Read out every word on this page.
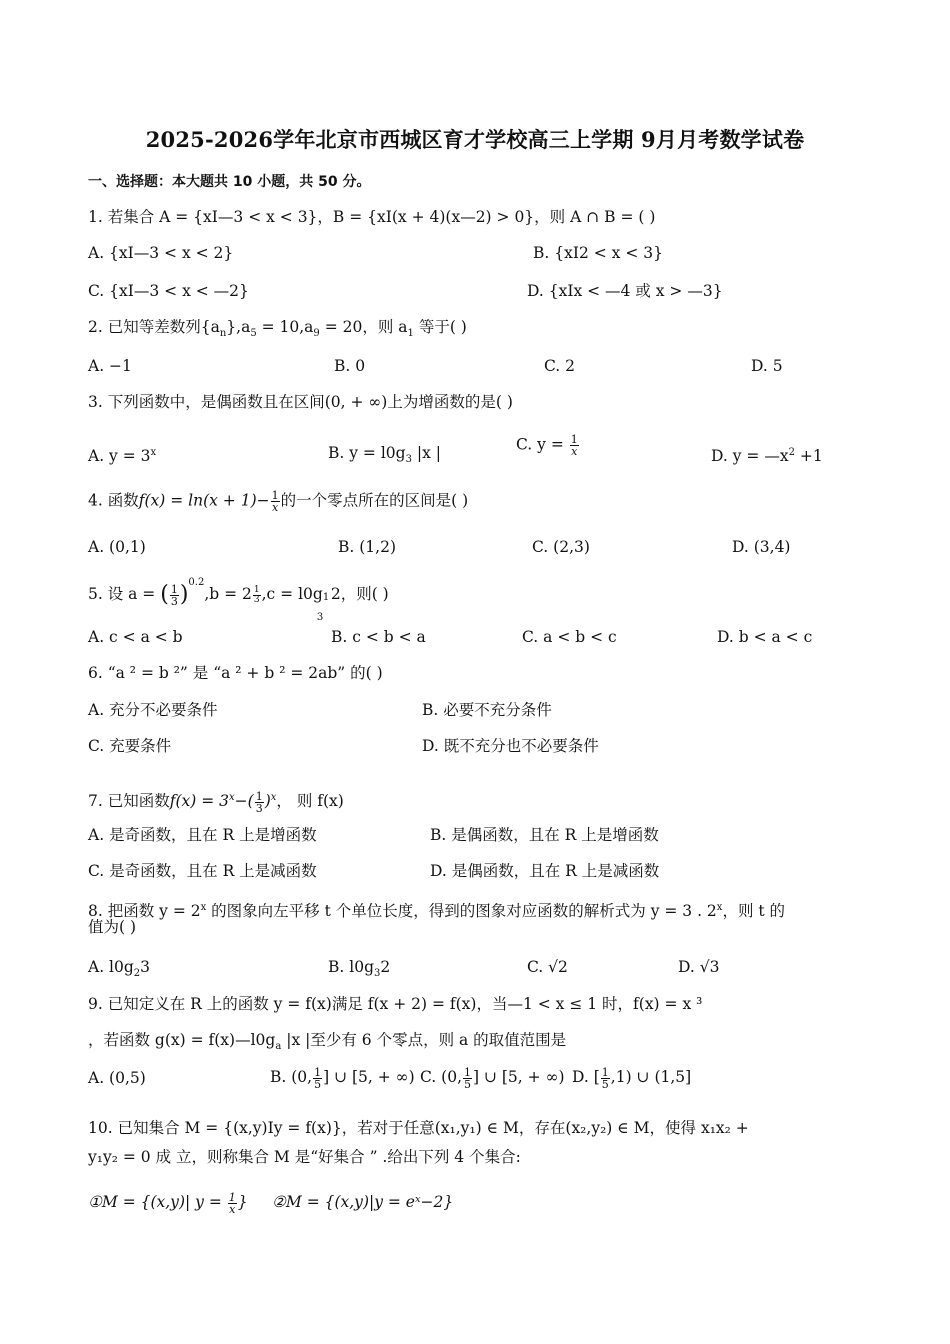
2025-2026学年北京市西城区育才学校高三上学期 9月月考数学试卷
一、选择题：本大题共 10 小题，共 50 分。
1. 若集合 A = {xI—3 < x < 3}，B = {xI(x + 4)(x—2) > 0}，则 A ∩ B = ( )
A. {xI—3 < x < 2}	B. {xI2 < x < 3}
C. {xI—3 < x < —2}	D. {xIx < —4 或 x > —3}
2. 已知等差数列$\{a_n\},a_5 = 10,a_9 = 20$，则 $a_1$ 等于( )
A. −1	B. 0	C. 2	D. 5
3. 下列函数中，是偶函数且在区间(0, + ∞)上为增函数的是( )
A. $y = 3^x$	B. $y = l0g_3$ |x |	C. $y = \frac{1}{x}$	D. $y = —x^2 +1$
4. 函数$f(x) = \ln(x + 1)- \frac{1}{x}$ 的一个零点所在的区间是( )
A. (0,1)	B. (1,2)	C. (2,3)	D. (3,4)
5. 设 a = ( $\frac{1}{3} )^{0.2},b = 2 \frac{1}{3} ,c = l0g$ 1
3
2，则( )
A. c < a < b	B. c < b < a	C. a < b < c	D. b < a < c
6. “a ² = b ²” 是 “a ² + b ² = 2ab” 的( )
A. 充分不必要条件	B. 必要不充分条件
C. 充要条件	D. 既不充分也不必要条件
7. 已知函数$f(x) = 3^x-( \frac{1}{3} )^x$， 则 f(x)
A. 是奇函数，且在 R 上是增函数	B. 是偶函数，且在 R 上是增函数
C. 是奇函数，且在 R 上是减函数	D. 是偶函数，且在 R 上是减函数
8. 把函数 $y = 2^x$ 的图象向左平移 t 个单位长度，得到的图象对应函数的解析式为 y = 3 . 2$^x$，则 t 的
值为( )
A. $l0g_23$	B. $l0g_32$	C. √2	D. √3
9. 已知定义在 R 上的函数 y = f(x)满足 f(x + 2) = f(x)，当—1 < x ≤ 1 时，f(x) = x ³
，若函数 $g(x) = f(x)—l0g_a$ |x |至少有 6 个零点，则 a 的取值范围是
A. (0,5)	B. (0, $\frac{1}{5}$ ] ∪ [5, + ∞) C. (0, $\frac{1}{5}$ ] ∪ [5, + ∞) D. [ $\frac{1}{5} ,1$) ∪ (1,5]
10. 已知集合 M = {(x,y)Iy = f(x)}，若对于任意(x₁,y₁) ∈ M，存在(x₂,y₂) ∈ M，使得 x₁x₂ +
y₁y₂ = 0 成 立，则称集合 M 是“好集合 ” .给出下列 4 个集合:
①M = {(x,y)| $y = \frac{1}{x}$ } ②M = {(x,y)|y = eˣ−2}
